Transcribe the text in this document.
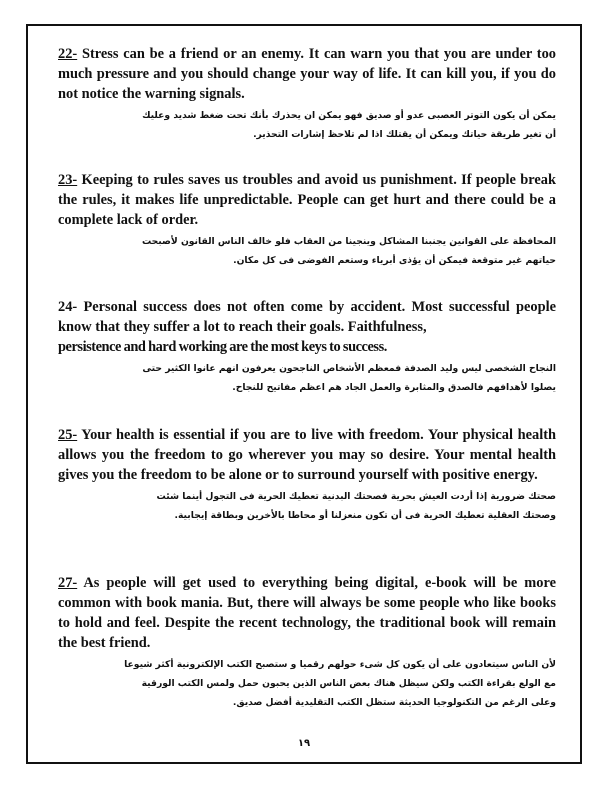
22- Stress can be a friend or an enemy. It can warn you that you are under too much pressure and you should change your way of life. It can kill you, if you do not notice the warning signals.

يمكن أن يكون التوتر العصبى عدو أو صديق فهو يمكن ان يحذرك بأنك تحت ضغط شديد وعليك
أن تغير طريقة حياتك ويمكن أن يقتلك اذا لم تلاحظ إشارات التحذير.

23- Keeping to rules saves us troubles and avoid us punishment. If people break the rules, it makes life unpredictable. People can get hurt and there could be a complete lack of order.

المحافظة على القوانين يجنبنا المشاكل وينجينا من العقاب فلو خالف الناس القانون لأصبحت
حياتهم غير متوقعة فيمكن أن يؤذى أبرياء وستعم الفوضى فى كل مكان.

24- Personal success does not often come by accident. Most successful people know that they suffer a lot to reach their goals. Faithfulness,

persistence and hard working are the most keys to success.

النجاح الشخصى ليس وليد الصدفة فمعظم الأشخاص الناجحون يعرفون انهم عانوا الكثير حتى
يصلوا لأهدافهم فالصدق والمثابرة والعمل الجاد هم اعظم مفاتيح للنجاح.

25- Your health is essential if you are to live with freedom. Your physical health allows you the freedom to go wherever you may so desire. Your mental health gives you the freedom to be alone or to surround yourself with positive energy.

صحتك ضرورية إذا أردت العيش بحرية فصحتك البدنية تعطيك الحرية فى التجول أينما شئت
وصحتك العقلية تعطيك الحرية فى أن تكون منعزلنا أو محاطا بالأخرين وبطاقة إيجابية.

27- As people will get used to everything being digital, e-book will be more common with book mania. But, there will always be some people who like books to hold and feel. Despite the recent technology, the traditional book will remain the best friend.

لأن الناس سيتعادون على أن يكون كل شىء حولهم رقميا و ستصبح الكتب الإلكترونية أكثر شيوعا
مع الولع بقراءة الكتب ولكن سيظل هناك بعض الناس الذين يحبون حمل ولمس الكتب الورقية
وعلى الرغم من التكنولوجيا الحديثة ستظل الكتب التقليدية أفضل صديق.
١٩
